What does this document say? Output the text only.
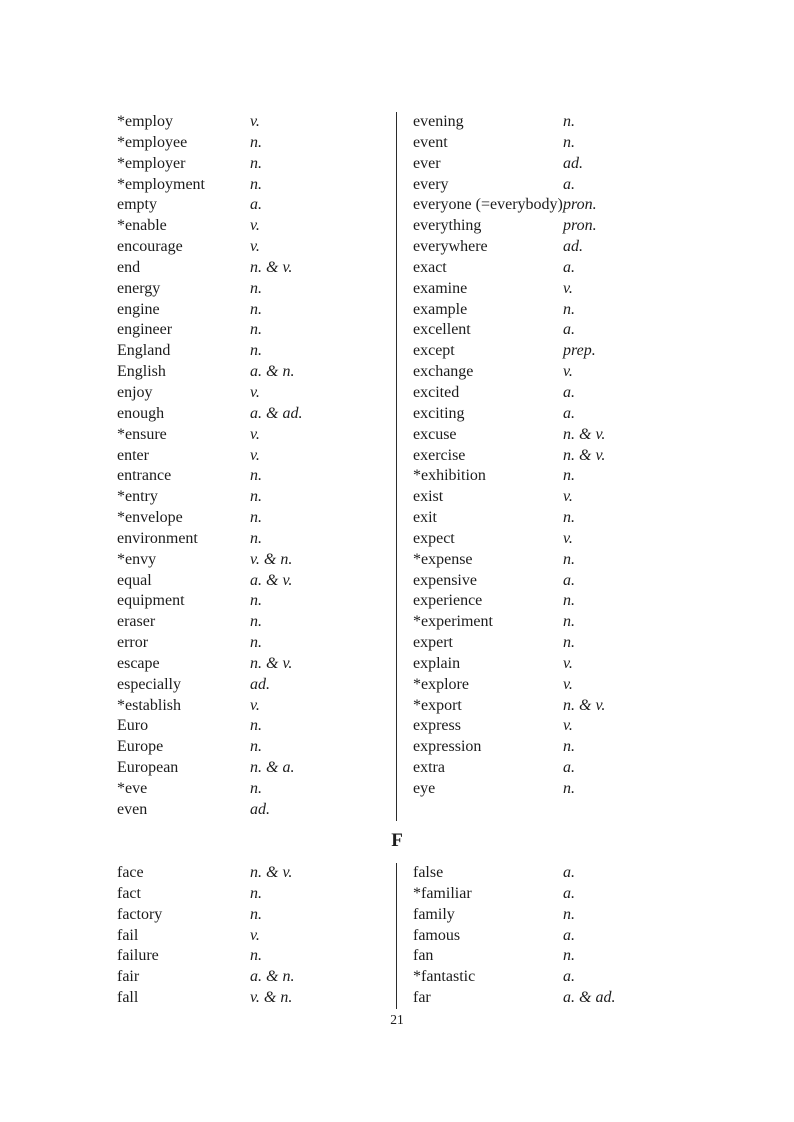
*employ	v.
*employee	n.
*employer	n.
*employment	n.
empty	a.
*enable	v.
encourage	v.
end	n. & v.
energy	n.
engine	n.
engineer	n.
England	n.
English	a. & n.
enjoy	v.
enough	a. & ad.
*ensure	v.
enter	v.
entrance	n.
*entry	n.
*envelope	n.
environment	n.
*envy	v. & n.
equal	a. & v.
equipment	n.
eraser	n.
error	n.
escape	n. & v.
especially	ad.
*establish	v.
Euro	n.
Europe	n.
European	n. & a.
*eve	n.
even	ad.
evening	n.
event	n.
ever	ad.
every	a.
everyone (=everybody) pron.
everything	pron.
everywhere	ad.
exact	a.
examine	v.
example	n.
excellent	a.
except	prep.
exchange	v.
excited	a.
exciting	a.
excuse	n. & v.
exercise	n. & v.
*exhibition	n.
exist	v.
exit	n.
expect	v.
*expense	n.
expensive	a.
experience	n.
*experiment	n.
expert	n.
explain	v.
*explore	v.
*export	n. & v.
express	v.
expression	n.
extra	a.
eye	n.
F
face	n. & v.
fact	n.
factory	n.
fail	v.
failure	n.
fair	a. & n.
fall	v. & n.
false	a.
*familiar	a.
family	n.
famous	a.
fan	n.
*fantastic	a.
far	a. & ad.
21
